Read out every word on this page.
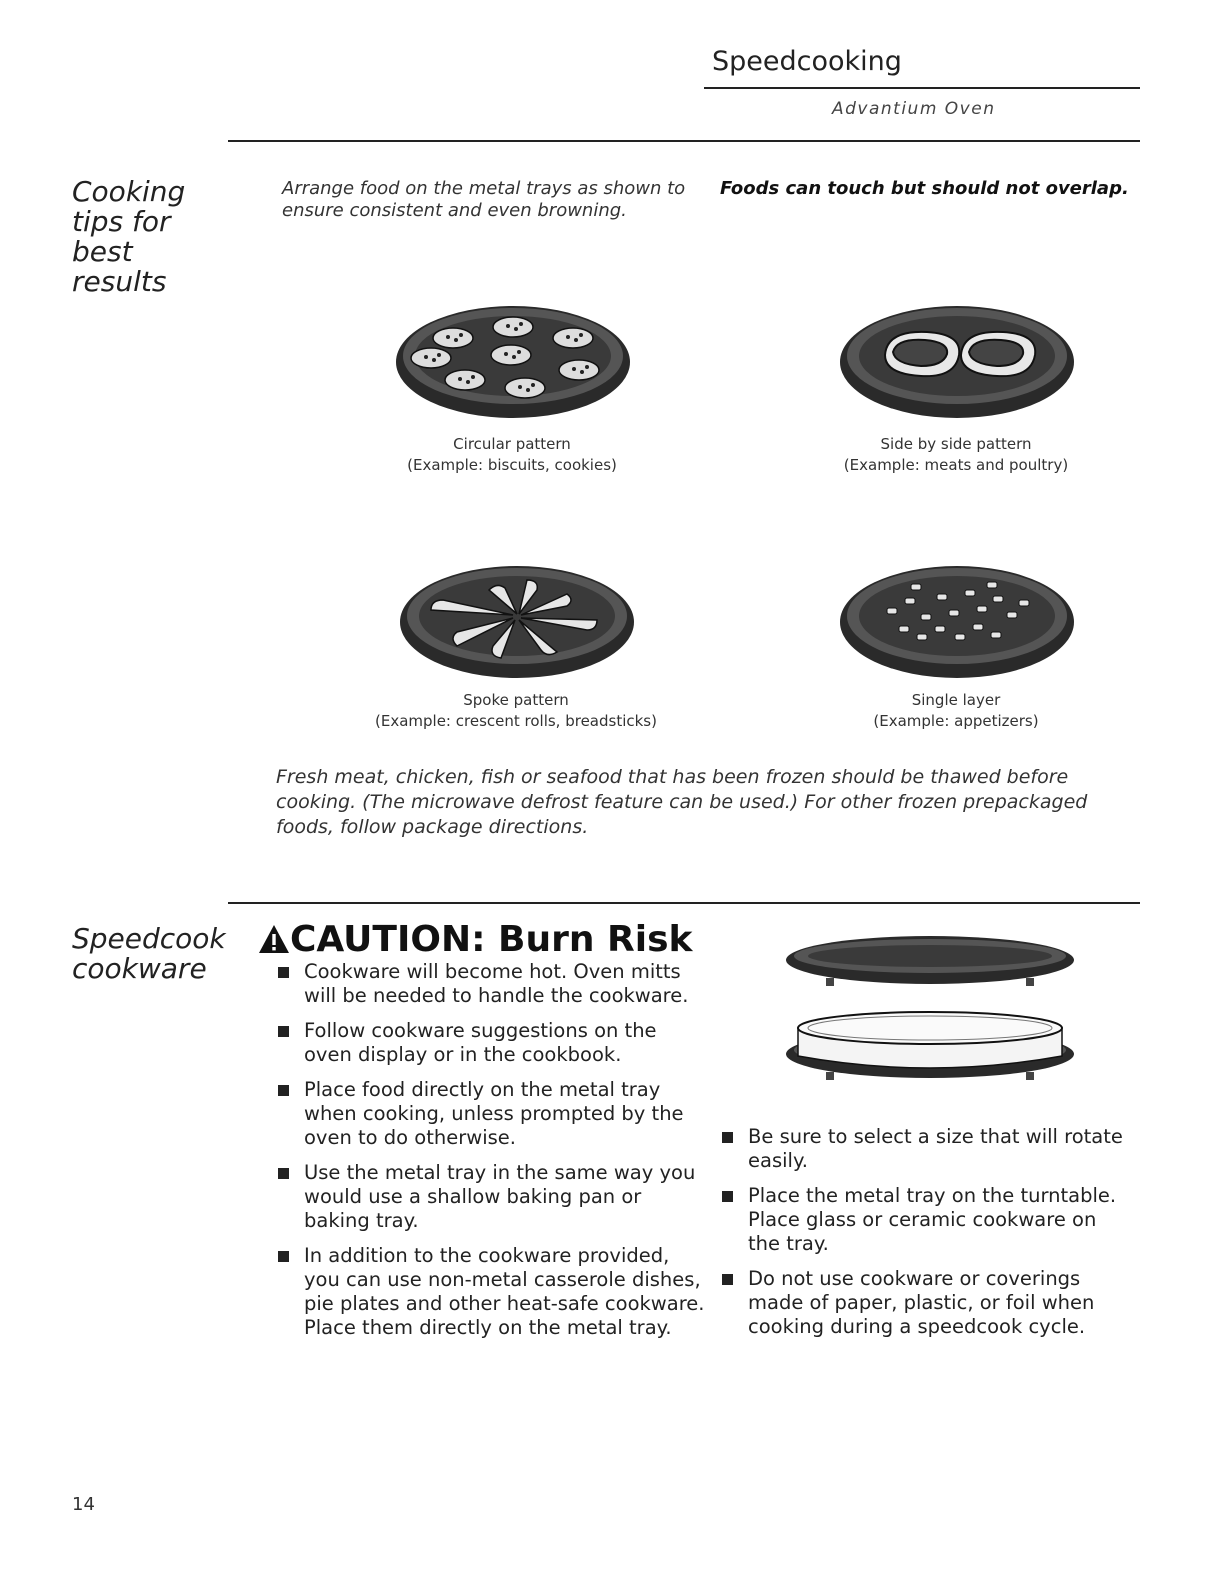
Speedcooking
Advantium Oven
Cooking tips for best results
Arrange food on the metal trays as shown to ensure consistent and even browning.
Foods can touch but should not overlap.
Circular pattern
(Example: biscuits, cookies)
Side by side pattern
(Example: meats and poultry)
Spoke pattern
(Example: crescent rolls, breadsticks)
Single layer
(Example: appetizers)
Fresh meat, chicken, fish or seafood that has been frozen should be thawed before cooking. (The microwave defrost feature can be used.) For other frozen prepackaged foods, follow package directions.
Speedcook cookware
CAUTION: Burn Risk
Cookware will become hot. Oven mitts will be needed to handle the cookware.
Follow cookware suggestions on the oven display or in the cookbook.
Place food directly on the metal tray when cooking, unless prompted by the oven to do otherwise.
Use the metal tray in the same way you would use a shallow baking pan or baking tray.
In addition to the cookware provided, you can use non-metal casserole dishes, pie plates and other heat-safe cookware. Place them directly on the metal tray.
Be sure to select a size that will rotate easily.
Place the metal tray on the turntable. Place glass or ceramic cookware on the tray.
Do not use cookware or coverings made of paper, plastic, or foil when cooking during a speedcook cycle.
14
